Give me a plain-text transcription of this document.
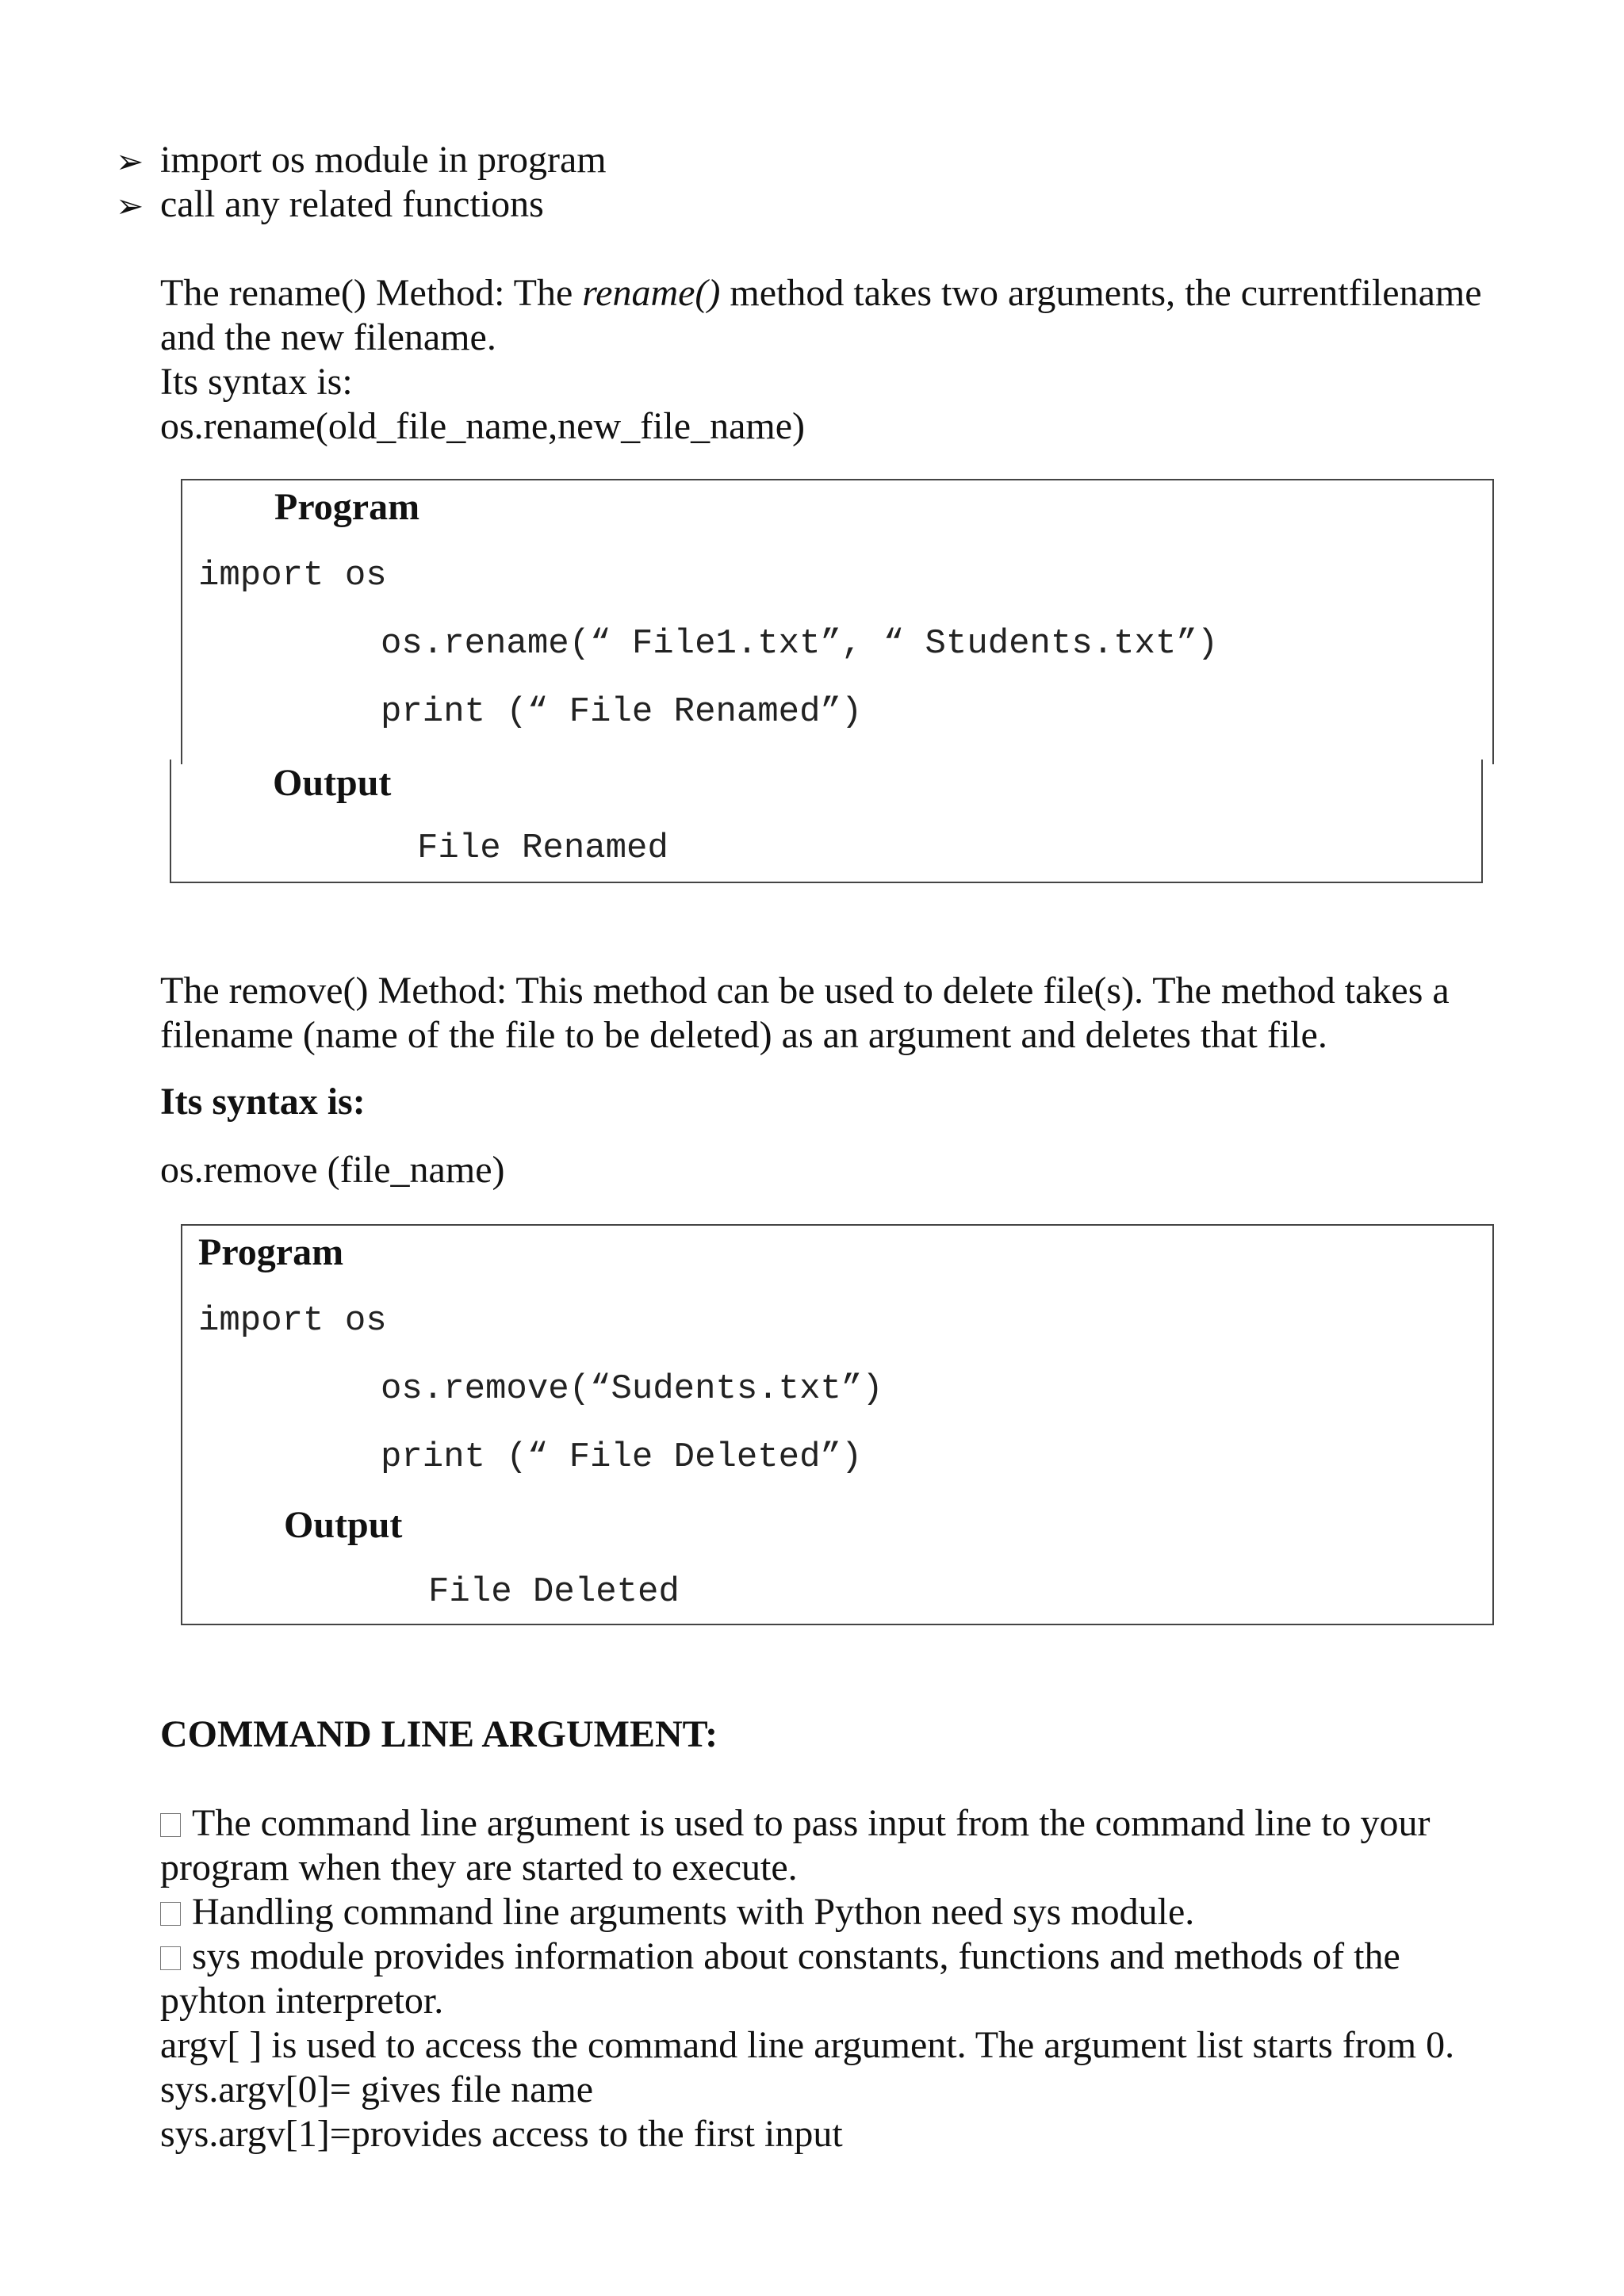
➢ import os module in program
➢ call any related functions
The rename() Method: The rename() method takes two arguments, the currentfilename
and the new filename.
Its syntax is:
os.rename(old_file_name,new_file_name)
Program
import os
os.rename(“ File1.txt”, “ Students.txt”)
print (“ File Renamed”)
Output
File Renamed
The remove() Method: This method can be used to delete file(s). The method takes a
filename (name of the file to be deleted) as an argument and deletes that file.
Its syntax is:
os.remove (file_name)
Program
import os
os.remove(“Sudents.txt”)
print (“ File Deleted”)
Output
File Deleted
COMMAND LINE ARGUMENT:
The command line argument is used to pass input from the command line to your
program when they are started to execute.
Handling command line arguments with Python need sys module.
sys module provides information about constants, functions and methods of the
pyhton interpretor.
argv[ ] is used to access the command line argument. The argument list starts from 0.
sys.argv[0]= gives file name
sys.argv[1]=provides access to the first input
